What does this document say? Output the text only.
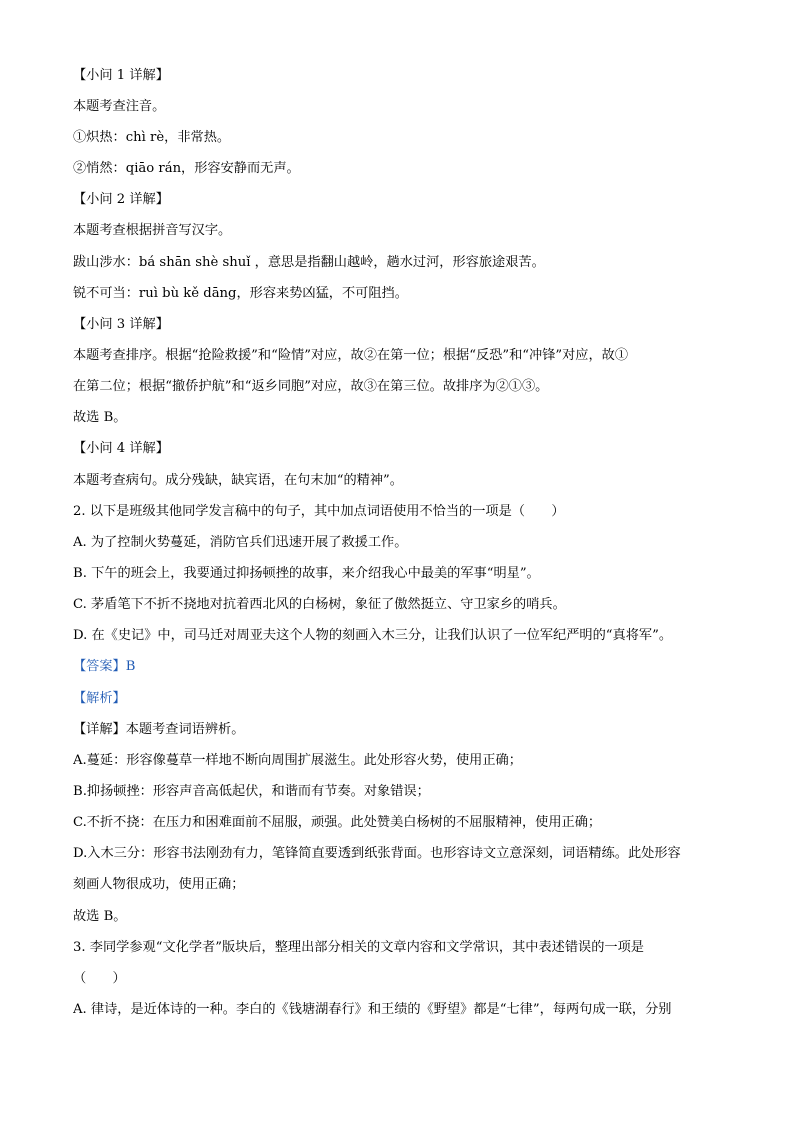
【小问 1 详解】
本题考查注音。
①炽热：chì rè，非常热。
②悄然：qiāo rán，形容安静而无声。
【小问 2 详解】
本题考查根据拼音写汉字。
跋山涉水：bá shān shè shuǐ ，意思是指翻山越岭，趟水过河，形容旅途艰苦。
锐不可当：ruì bù kě dāng，形容来势凶猛，不可阻挡。
【小问 3 详解】
本题考查排序。根据“抢险救援”和“险情”对应，故②在第一位；根据“反恐”和“冲锋”对应，故①
在第二位；根据“撤侨护航”和“返乡同胞”对应，故③在第三位。故排序为②①③。
故选 B。
【小问 4 详解】
本题考查病句。成分残缺，缺宾语，在句末加“的精神”。
2. 以下是班级其他同学发言稿中的句子，其中加点词语使用不恰当的一项是（　　）
A. 为了控制火势蔓延，消防官兵们迅速开展了救援工作。
B. 下午的班会上，我要通过抑扬顿挫的故事，来介绍我心中最美的军事“明星”。
C. 茅盾笔下不折不挠地对抗着西北风的白杨树，象征了傲然挺立、守卫家乡的哨兵。
D. 在《史记》中，司马迁对周亚夫这个人物的刻画入木三分，让我们认识了一位军纪严明的“真将军”。
【答案】B
【解析】
【详解】本题考查词语辨析。
A.蔓延：形容像蔓草一样地不断向周围扩展滋生。此处形容火势，使用正确；
B.抑扬顿挫：形容声音高低起伏，和谐而有节奏。对象错误；
C.不折不挠：在压力和困难面前不屈服，顽强。此处赞美白杨树的不屈服精神，使用正确；
D.入木三分：形容书法刚劲有力，笔锋简直要透到纸张背面。也形容诗文立意深刻，词语精练。此处形容
刻画人物很成功，使用正确；
故选 B。
3. 李同学参观“文化学者”版块后，整理出部分相关的文章内容和文学常识，其中表述错误的一项是
（　　）
A. 律诗，是近体诗的一种。李白的《钱塘湖春行》和王绩的《野望》都是“七律”，每两句成一联，分别
